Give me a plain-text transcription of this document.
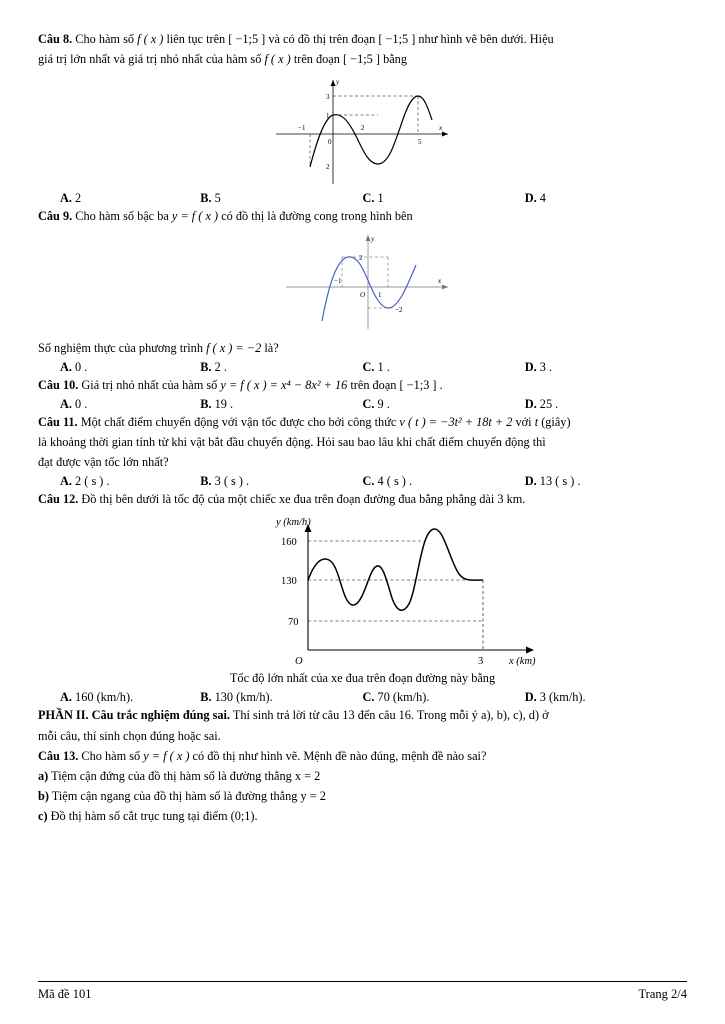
Câu 8. Cho hàm số f ( x ) liên tục trên [ −1;5 ] và có đồ thị trên đoạn [ −1;5 ] như hình vẽ bên dưới. Hiệu
giá trị lớn nhất và giá trị nhỏ nhất của hàm số f ( x ) trên đoạn [ −1;5 ] bằng
y
x
3
1
2
−1
0
2
5
A. 2	B. 5	C. 1	D. 4
Câu 9. Cho hàm số bậc ba y = f ( x ) có đồ thị là đường cong trong hình bên
y
x
2
−1
O 1
−2
Số nghiệm thực của phương trình f ( x ) = −2 là?
A. 0 .	B. 2 .	C. 1 .	D. 3 .
Câu 10. Giá trị nhỏ nhất của hàm số y = f ( x ) = x⁴ − 8x² + 16 trên đoạn [ −1;3 ] .
A. 0 .	B. 19 .	C. 9 .	D. 25 .
Câu 11. Một chất điểm chuyển động với vận tốc được cho bởi công thức v ( t ) = −3t² + 18t + 2 với t (giây)
là khoảng thời gian tính từ khi vật bắt đầu chuyển động. Hỏi sau bao lâu khi chất điểm chuyển động thì
đạt được vận tốc lớn nhất?
A. 2 ( s ) .	B. 3 ( s ) .	C. 4 ( s ) .	D. 13 ( s ) .
Câu 12. Đồ thị bên dưới là tốc độ của một chiếc xe đua trên đoạn đường đua bằng phẳng dài 3 km.
y (km/h)
x (km)
160
130
70
O	3
Tốc độ lớn nhất của xe đua trên đoạn đường này bằng
A. 160 (km/h).	B. 130 (km/h).	C. 70 (km/h).	D. 3 (km/h).
PHẦN II. Câu trắc nghiệm đúng sai. Thí sinh trả lời từ câu 13 đến câu 16. Trong mỗi ý a), b), c), d) ở
mỗi câu, thí sinh chọn đúng hoặc sai.
Câu 13. Cho hàm số y = f ( x ) có đồ thị như hình vẽ. Mệnh đề nào đúng, mệnh đề nào sai?
a) Tiệm cận đứng của đồ thị hàm số là đường thẳng x = 2
b) Tiệm cận ngang của đồ thị hàm số là đường thẳng y = 2
c) Đồ thị hàm số cắt trục tung tại điểm (0;1).
Mã đề 101	Trang 2/4
